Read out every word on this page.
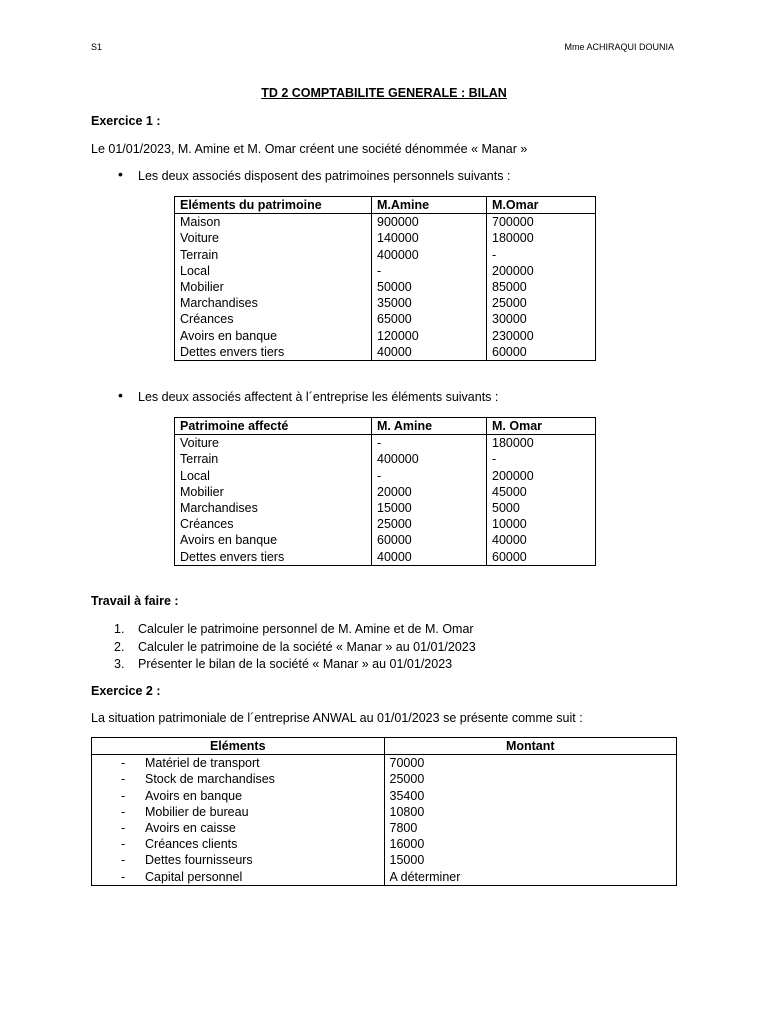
S1	Mme ACHIRAQUI DOUNIA
TD 2 COMPTABILITE GENERALE : BILAN
Exercice 1 :
Le 01/01/2023, M. Amine et M. Omar créent une société dénommée « Manar »
• Les deux associés disposent des patrimoines personnels suivants :
Eléments du patrimoine	M.Amine	M.Omar
Maison	900000	700000
Voiture	140000	180000
Terrain	400000	-
Local	-	200000
Mobilier	50000	85000
Marchandises	35000	25000
Créances	65000	30000
Avoirs en banque	120000	230000
Dettes envers tiers	40000	60000
• Les deux associés affectent à l´entreprise les éléments suivants :
Patrimoine affecté	M. Amine	M. Omar
Voiture	-	180000
Terrain	400000	-
Local	-	200000
Mobilier	20000	45000
Marchandises	15000	5000
Créances	25000	10000
Avoirs en banque	60000	40000
Dettes envers tiers	40000	60000
Travail à faire :
1. Calculer le patrimoine personnel de M. Amine et de M. Omar
2. Calculer le patrimoine de la société « Manar » au 01/01/2023
3. Présenter le bilan de la société « Manar » au 01/01/2023
Exercice 2 :
La situation patrimoniale de l´entreprise ANWAL au 01/01/2023 se présente comme suit :
Eléments	Montant
- Matériel de transport	70000
- Stock de marchandises	25000
- Avoirs en banque	35400
- Mobilier de bureau	10800
- Avoirs en caisse	7800
- Créances clients	16000
- Dettes fournisseurs	15000
- Capital personnel	A déterminer
